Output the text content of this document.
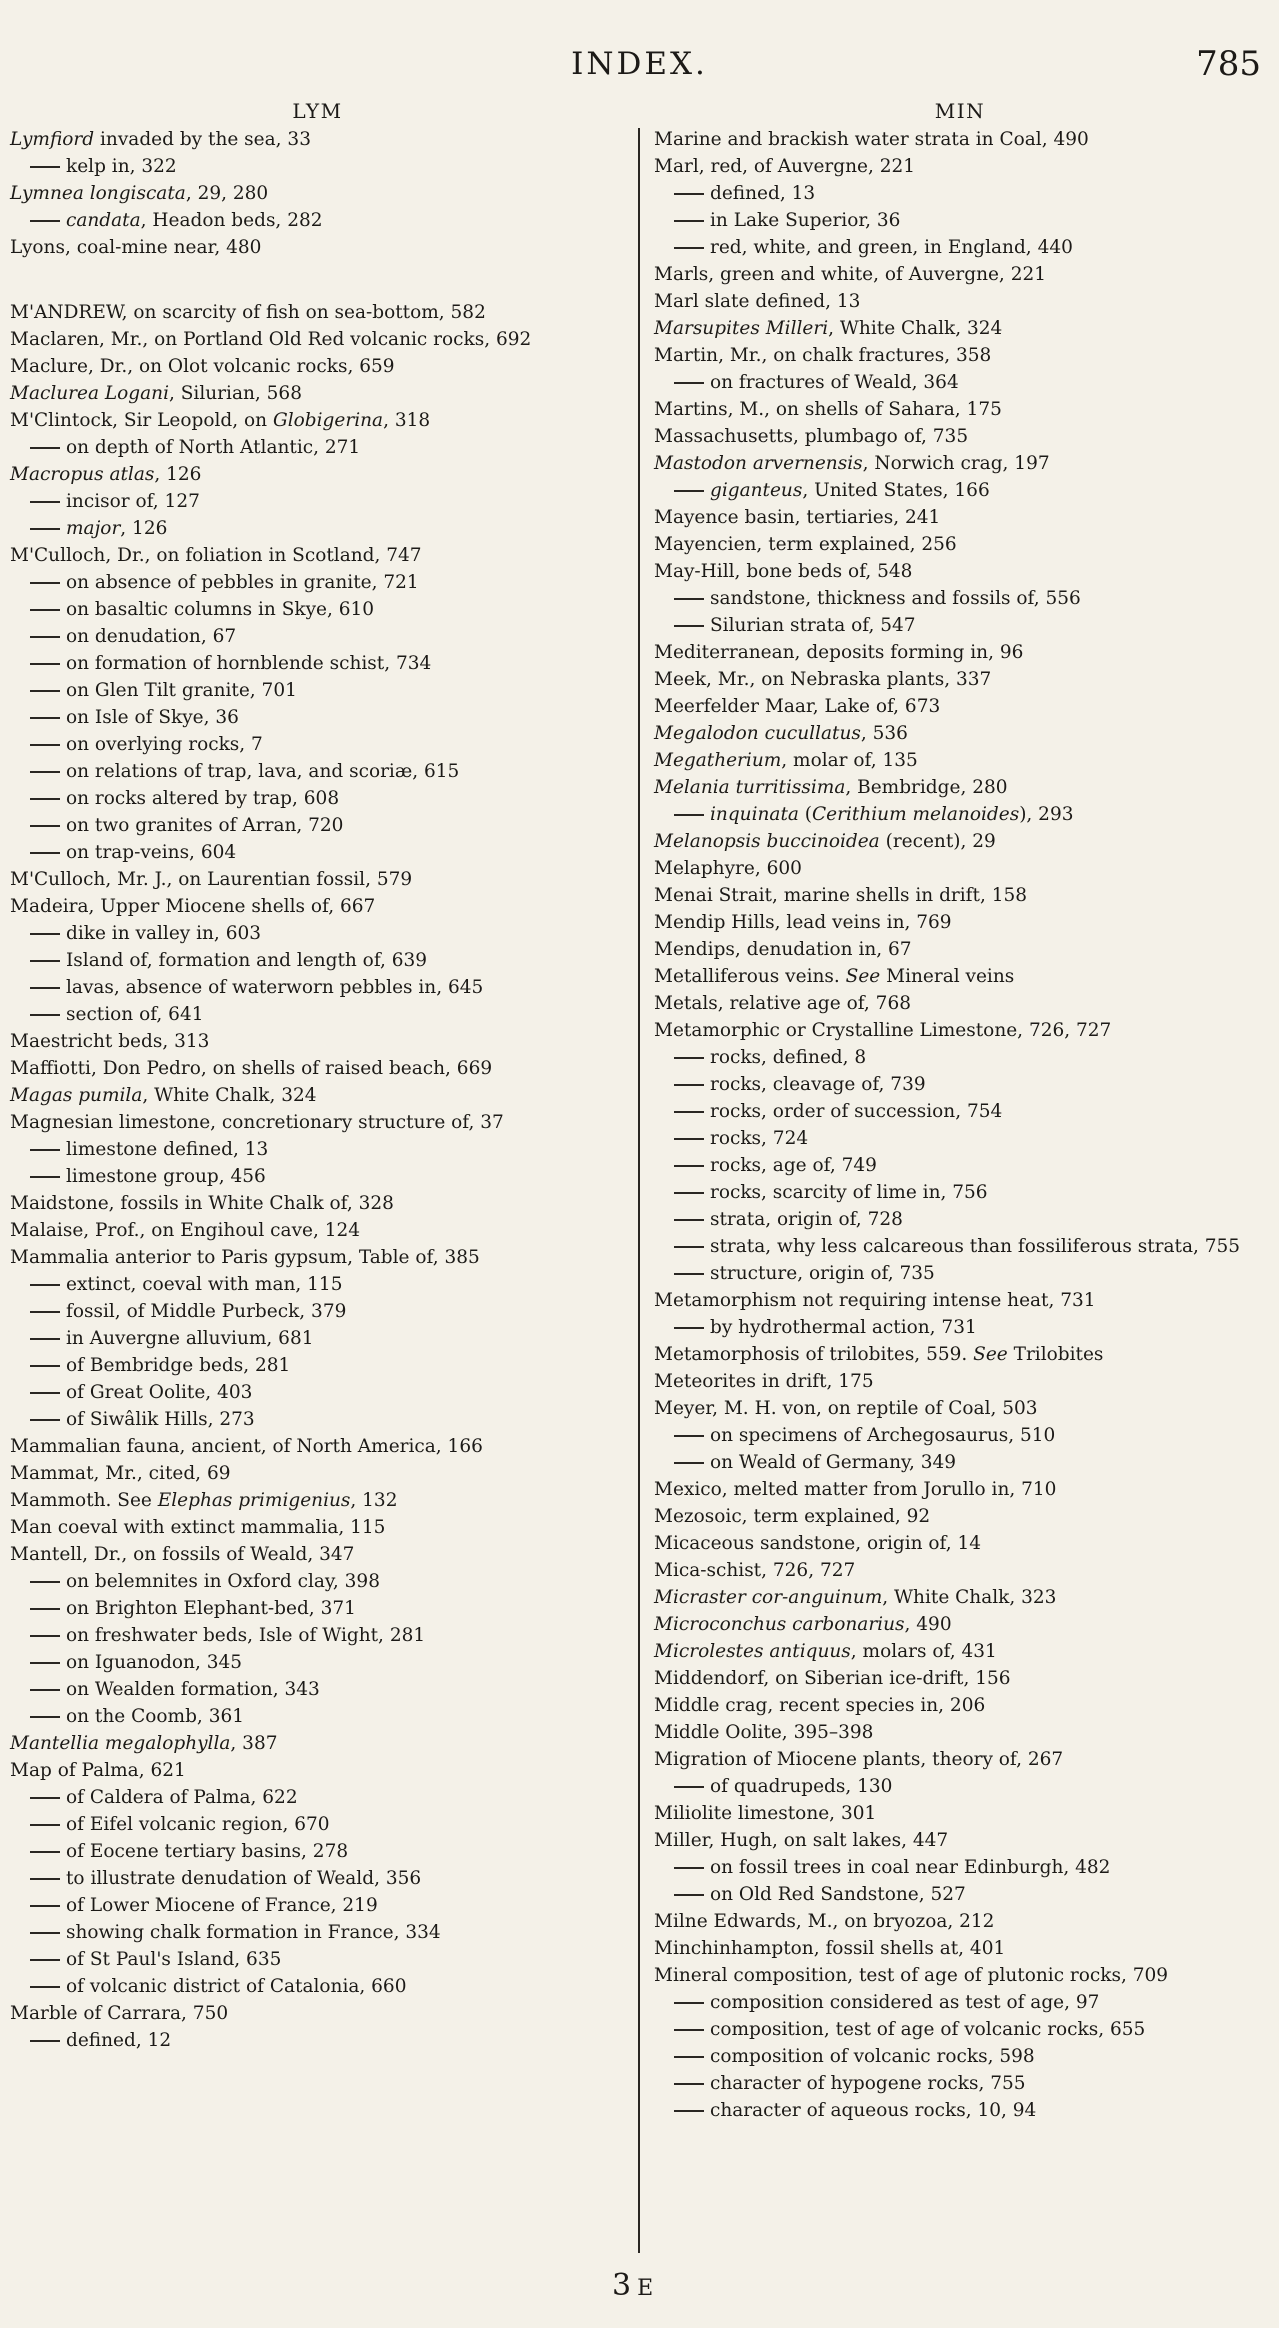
INDEX.	785
LYM
Lymfiord invaded by the sea, 33
kelp in, 322
Lymnea longiscata, 29, 280
candata, Headon beds, 282
Lyons, coal-mine near, 480
M'ANDREW, on scarcity of fish on sea-bottom, 582
Maclaren, Mr., on Portland Old Red volcanic rocks, 692
Maclure, Dr., on Olot volcanic rocks, 659
Maclurea Logani, Silurian, 568
M'Clintock, Sir Leopold, on Globigerina, 318
on depth of North Atlantic, 271
Macropus atlas, 126
incisor of, 127
major, 126
M'Culloch, Dr., on foliation in Scotland, 747
on absence of pebbles in granite, 721
on basaltic columns in Skye, 610
on denudation, 67
on formation of hornblende schist, 734
on Glen Tilt granite, 701
on Isle of Skye, 36
on overlying rocks, 7
on relations of trap, lava, and scoriæ, 615
on rocks altered by trap, 608
on two granites of Arran, 720
on trap-veins, 604
M'Culloch, Mr. J., on Laurentian fossil, 579
Madeira, Upper Miocene shells of, 667
dike in valley in, 603
Island of, formation and length of, 639
lavas, absence of waterworn pebbles in, 645
section of, 641
Maestricht beds, 313
Maffiotti, Don Pedro, on shells of raised beach, 669
Magas pumila, White Chalk, 324
Magnesian limestone, concretionary structure of, 37
limestone defined, 13
limestone group, 456
Maidstone, fossils in White Chalk of, 328
Malaise, Prof., on Engihoul cave, 124
Mammalia anterior to Paris gypsum, Table of, 385
extinct, coeval with man, 115
fossil, of Middle Purbeck, 379
in Auvergne alluvium, 681
of Bembridge beds, 281
of Great Oolite, 403
of Siwâlik Hills, 273
Mammalian fauna, ancient, of North America, 166
Mammat, Mr., cited, 69
Mammoth. See Elephas primigenius, 132
Man coeval with extinct mammalia, 115
Mantell, Dr., on fossils of Weald, 347
on belemnites in Oxford clay, 398
on Brighton Elephant-bed, 371
on freshwater beds, Isle of Wight, 281
on Iguanodon, 345
on Wealden formation, 343
on the Coomb, 361
Mantellia megalophylla, 387
Map of Palma, 621
of Caldera of Palma, 622
of Eifel volcanic region, 670
of Eocene tertiary basins, 278
to illustrate denudation of Weald, 356
of Lower Miocene of France, 219
showing chalk formation in France, 334
of St Paul's Island, 635
of volcanic district of Catalonia, 660
Marble of Carrara, 750
defined, 12
MIN
Marine and brackish water strata in Coal, 490
Marl, red, of Auvergne, 221
defined, 13
in Lake Superior, 36
red, white, and green, in England, 440
Marls, green and white, of Auvergne, 221
Marl slate defined, 13
Marsupites Milleri, White Chalk, 324
Martin, Mr., on chalk fractures, 358
on fractures of Weald, 364
Martins, M., on shells of Sahara, 175
Massachusetts, plumbago of, 735
Mastodon arvernensis, Norwich crag, 197
giganteus, United States, 166
Mayence basin, tertiaries, 241
Mayencien, term explained, 256
May-Hill, bone beds of, 548
sandstone, thickness and fossils of, 556
Silurian strata of, 547
Mediterranean, deposits forming in, 96
Meek, Mr., on Nebraska plants, 337
Meerfelder Maar, Lake of, 673
Megalodon cucullatus, 536
Megatherium, molar of, 135
Melania turritissima, Bembridge, 280
inquinata (Cerithium melanoides), 293
Melanopsis buccinoidea (recent), 29
Melaphyre, 600
Menai Strait, marine shells in drift, 158
Mendip Hills, lead veins in, 769
Mendips, denudation in, 67
Metalliferous veins. See Mineral veins
Metals, relative age of, 768
Metamorphic or Crystalline Limestone, 726, 727
rocks, defined, 8
rocks, cleavage of, 739
rocks, order of succession, 754
rocks, 724
rocks, age of, 749
rocks, scarcity of lime in, 756
strata, origin of, 728
strata, why less calcareous than fossiliferous strata, 755
structure, origin of, 735
Metamorphism not requiring intense heat, 731
by hydrothermal action, 731
Metamorphosis of trilobites, 559. See Trilobites
Meteorites in drift, 175
Meyer, M. H. von, on reptile of Coal, 503
on specimens of Archegosaurus, 510
on Weald of Germany, 349
Mexico, melted matter from Jorullo in, 710
Mezosoic, term explained, 92
Micaceous sandstone, origin of, 14
Mica-schist, 726, 727
Micraster cor-anguinum, White Chalk, 323
Microconchus carbonarius, 490
Microlestes antiquus, molars of, 431
Middendorf, on Siberian ice-drift, 156
Middle crag, recent species in, 206
Middle Oolite, 395–398
Migration of Miocene plants, theory of, 267
of quadrupeds, 130
Miliolite limestone, 301
Miller, Hugh, on salt lakes, 447
on fossil trees in coal near Edinburgh, 482
on Old Red Sandstone, 527
Milne Edwards, M., on bryozoa, 212
Minchinhampton, fossil shells at, 401
Mineral composition, test of age of plutonic rocks, 709
composition considered as test of age, 97
composition, test of age of volcanic rocks, 655
composition of volcanic rocks, 598
character of hypogene rocks, 755
character of aqueous rocks, 10, 94
3 E
